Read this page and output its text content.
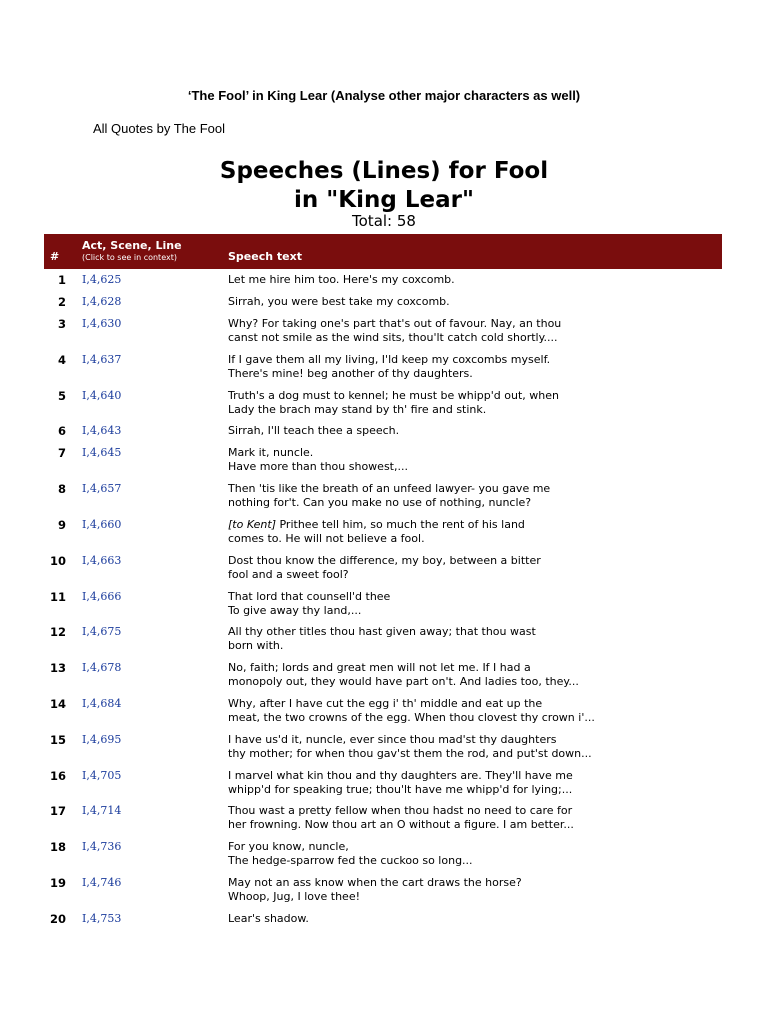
‘The Fool’ in King Lear (Analyse other major characters as well)
All Quotes by The Fool
Speeches (Lines) for Fool
in "King Lear"
Total: 58
#
Act, Scene, Line
(Click to see in context)	Speech text
1 I,4,625	Let me hire him too. Here's my coxcomb.
2 I,4,628	Sirrah, you were best take my coxcomb.
3 I,4,630	Why? For taking one's part that's out of favour. Nay, an thou
canst not smile as the wind sits, thou'lt catch cold shortly....
4 I,4,637	If I gave them all my living, I'ld keep my coxcombs myself.
There's mine! beg another of thy daughters.
5 I,4,640	Truth's a dog must to kennel; he must be whipp'd out, when
Lady the brach may stand by th' fire and stink.
6 I,4,643	Sirrah, I'll teach thee a speech.
7 I,4,645	Mark it, nuncle.
Have more than thou showest,...
8 I,4,657	Then 'tis like the breath of an unfeed lawyer- you gave me
nothing for't. Can you make no use of nothing, nuncle?
9 I,4,660	[to Kent] Prithee tell him, so much the rent of his land
comes to. He will not believe a fool.
10 I,4,663	Dost thou know the difference, my boy, between a bitter
fool and a sweet fool?
11 I,4,666	That lord that counsell'd thee
To give away thy land,...
12 I,4,675	All thy other titles thou hast given away; that thou wast
born with.
13 I,4,678	No, faith; lords and great men will not let me. If I had a
monopoly out, they would have part on't. And ladies too, they...
14 I,4,684	Why, after I have cut the egg i' th' middle and eat up the
meat, the two crowns of the egg. When thou clovest thy crown i'...
15 I,4,695	I have us'd it, nuncle, ever since thou mad'st thy daughters
thy mother; for when thou gav'st them the rod, and put'st down...
16 I,4,705	I marvel what kin thou and thy daughters are. They'll have me
whipp'd for speaking true; thou'lt have me whipp'd for lying;...
17 I,4,714	Thou wast a pretty fellow when thou hadst no need to care for
her frowning. Now thou art an O without a figure. I am better...
18 I,4,736	For you know, nuncle,
The hedge-sparrow fed the cuckoo so long...
19 I,4,746	May not an ass know when the cart draws the horse?
Whoop, Jug, I love thee!
20 I,4,753	Lear's shadow.
